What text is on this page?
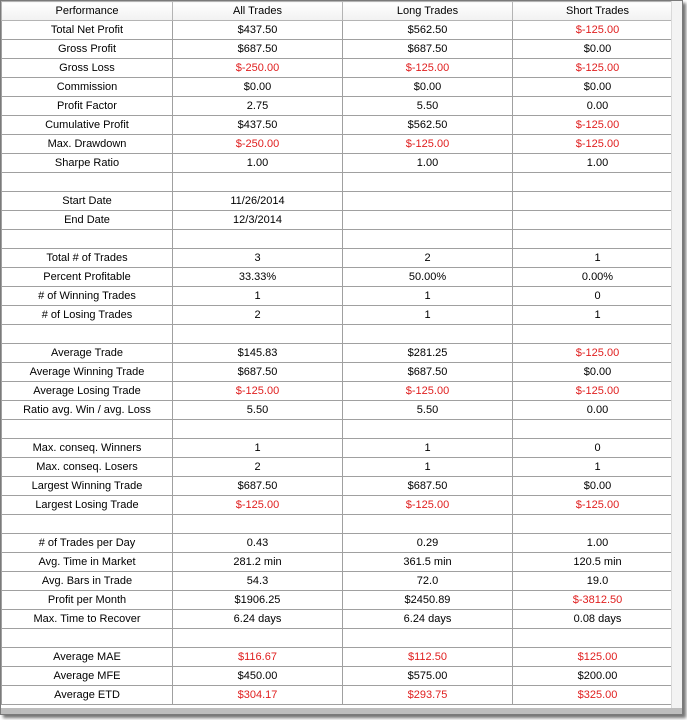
Performance	All Trades	Long Trades	Short Trades
Total Net Profit	$437.50	$562.50	$-125.00
Gross Profit	$687.50	$687.50	$0.00
Gross Loss	$-250.00	$-125.00	$-125.00
Commission	$0.00	$0.00	$0.00
Profit Factor	2.75	5.50	0.00
Cumulative Profit	$437.50	$562.50	$-125.00
Max. Drawdown	$-250.00	$-125.00	$-125.00
Sharpe Ratio	1.00	1.00	1.00

Start Date	11/26/2014		
End Date	12/3/2014		

Total # of Trades	3	2	1
Percent Profitable	33.33%	50.00%	0.00%
# of Winning Trades	1	1	0
# of Losing Trades	2	1	1

Average Trade	$145.83	$281.25	$-125.00
Average Winning Trade	$687.50	$687.50	$0.00
Average Losing Trade	$-125.00	$-125.00	$-125.00
Ratio avg. Win / avg. Loss	5.50	5.50	0.00

Max. conseq. Winners	1	1	0
Max. conseq. Losers	2	1	1
Largest Winning Trade	$687.50	$687.50	$0.00
Largest Losing Trade	$-125.00	$-125.00	$-125.00

# of Trades per Day	0.43	0.29	1.00
Avg. Time in Market	281.2 min	361.5 min	120.5 min
Avg. Bars in Trade	54.3	72.0	19.0
Profit per Month	$1906.25	$2450.89	$-3812.50
Max. Time to Recover	6.24 days	6.24 days	0.08 days

Average MAE	$116.67	$112.50	$125.00
Average MFE	$450.00	$575.00	$200.00
Average ETD	$304.17	$293.75	$325.00
